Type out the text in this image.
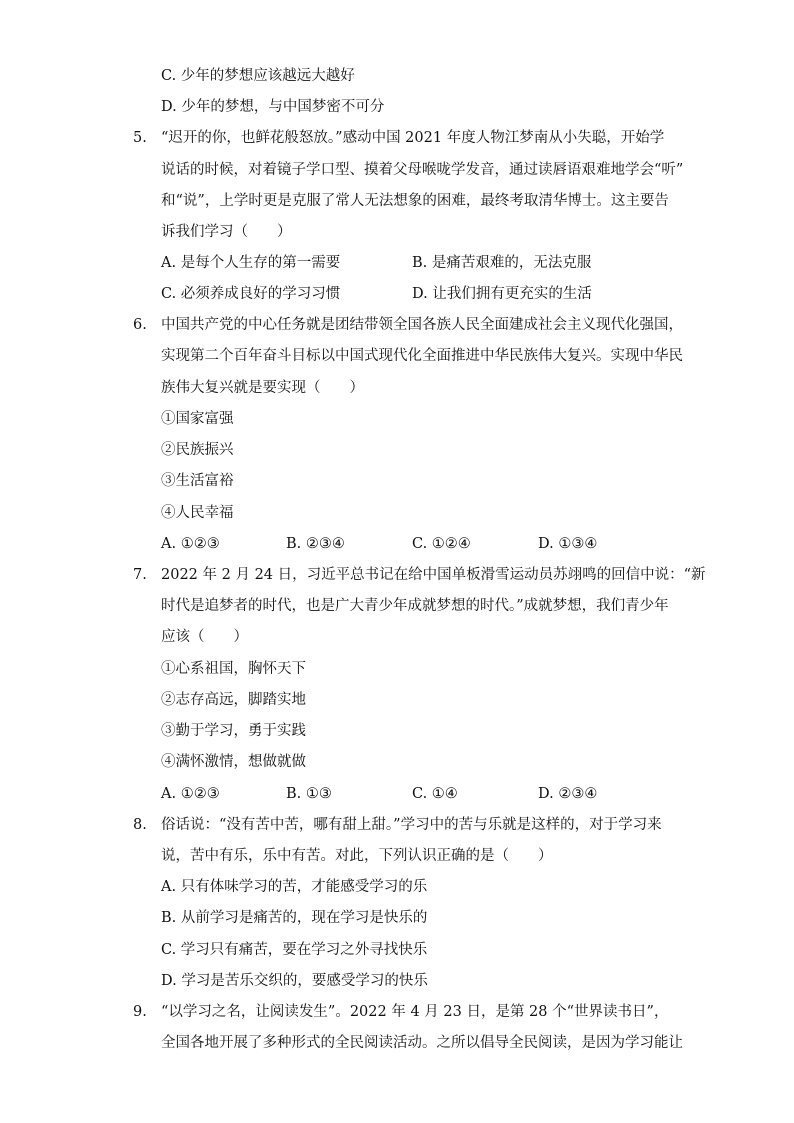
C. 少年的梦想应该越远大越好
D. 少年的梦想，与中国梦密不可分
5. “迟开的你，也鲜花般怒放。”感动中国 2021 年度人物江梦南从小失聪，开始学
说话的时候，对着镜子学口型、摸着父母喉咙学发音，通过读唇语艰难地学会“听”
和“说”，上学时更是克服了常人无法想象的困难，最终考取清华博士。这主要告
诉我们学习（　　）
A. 是每个人生存的第一需要	B. 是痛苦艰难的，无法克服
C. 必须养成良好的学习习惯	D. 让我们拥有更充实的生活
6. 中国共产党的中心任务就是团结带领全国各族人民全面建成社会主义现代化强国，
实现第二个百年奋斗目标以中国式现代化全面推进中华民族伟大复兴。实现中华民
族伟大复兴就是要实现（　　）
①国家富强
②民族振兴
③生活富裕
④人民幸福
A. ①②③	B. ②③④	C. ①②④	D. ①③④
7. 2022 年 2 月 24 日，习近平总书记在给中国单板滑雪运动员苏翊鸣的回信中说：“新
时代是追梦者的时代，也是广大青少年成就梦想的时代。”成就梦想，我们青少年
应该（　　）
①心系祖国，胸怀天下
②志存高远，脚踏实地
③勤于学习，勇于实践
④满怀激情，想做就做
A. ①②③	B. ①③	C. ①④	D. ②③④
8. 俗话说：“没有苦中苦，哪有甜上甜。”学习中的苦与乐就是这样的，对于学习来
说，苦中有乐，乐中有苦。对此，下列认识正确的是（　　）
A. 只有体味学习的苦，才能感受学习的乐
B. 从前学习是痛苦的，现在学习是快乐的
C. 学习只有痛苦，要在学习之外寻找快乐
D. 学习是苦乐交织的，要感受学习的快乐
9. “以学习之名，让阅读发生”。2022 年 4 月 23 日，是第 28 个“世界读书日”，
全国各地开展了多种形式的全民阅读活动。之所以倡导全民阅读，是因为学习能让
